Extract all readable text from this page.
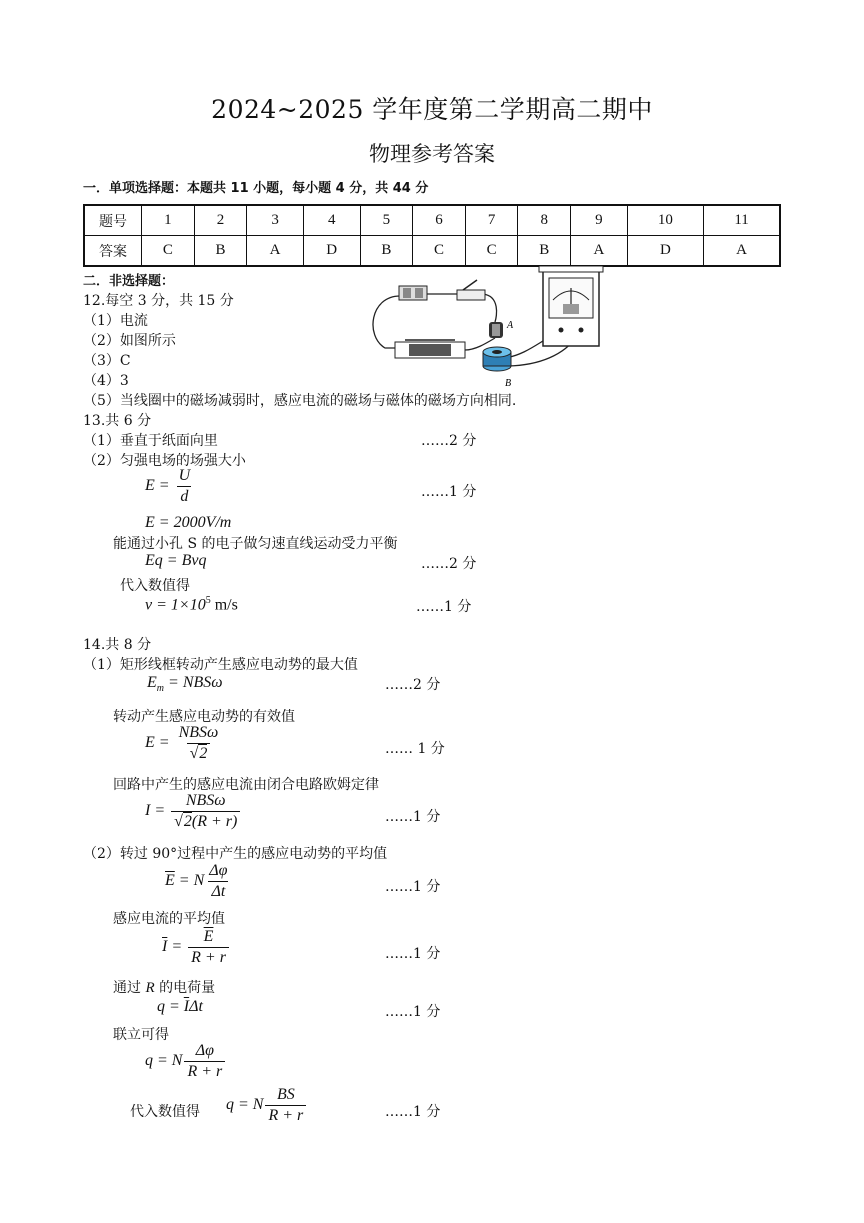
2024~2025 学年度第二学期高二期中
物理参考答案
一．单项选择题：本题共 11 小题，每小题 4 分，共 44 分
题号	1	2	3	4	5	6	7	8	9	10	11
答案	C	B	A	D	B	C	C	B	A	D	A
二．非选择题：
12.每空 3 分，共 15 分
（1）电流
（2）如图所示
（3）C
（4）3
（5）当线圈中的磁场减弱时，感应电流的磁场与磁体的磁场方向相同.
A
B
13.共 6 分
（1）垂直于纸面向里	……2 分
（2）匀强电场的场强大小
$E = \frac{U}{d}$	……1 分
E = 2000V/m
能通过小孔 S 的电子做匀速直线运动受力平衡
Eq = Bvq	……2 分
代入数值得
$v = 1\times 10^5$ m/s	……1 分
14.共 8 分
（1）矩形线框转动产生感应电动势的最大值
$E_m = NBS\omega$	……2 分
转动产生感应电动势的有效值
$E = \frac{\text{NBSω}}{√2}$	…… 1 分
回路中产生的感应电流由闭合电路欧姆定律
$I = \frac{\text{NBSω}}{√2(R + r)}$	……1 分
（2）转过 90°过程中产生的感应电动势的平均值
$\overline{E} = N \frac{\Delta\varphi}{\Delta t}$	……1 分
感应电流的平均值
$\overline{I} = \frac{\overline{E}}{R + r}$	……1 分
通过 R 的电荷量
$q = \overline{I}\Delta t$	……1 分
联立可得
q = N $\frac{\Delta\varphi}{R + r}$
代入数值得 q = N $\frac{BS}{R + r}$	……1 分
